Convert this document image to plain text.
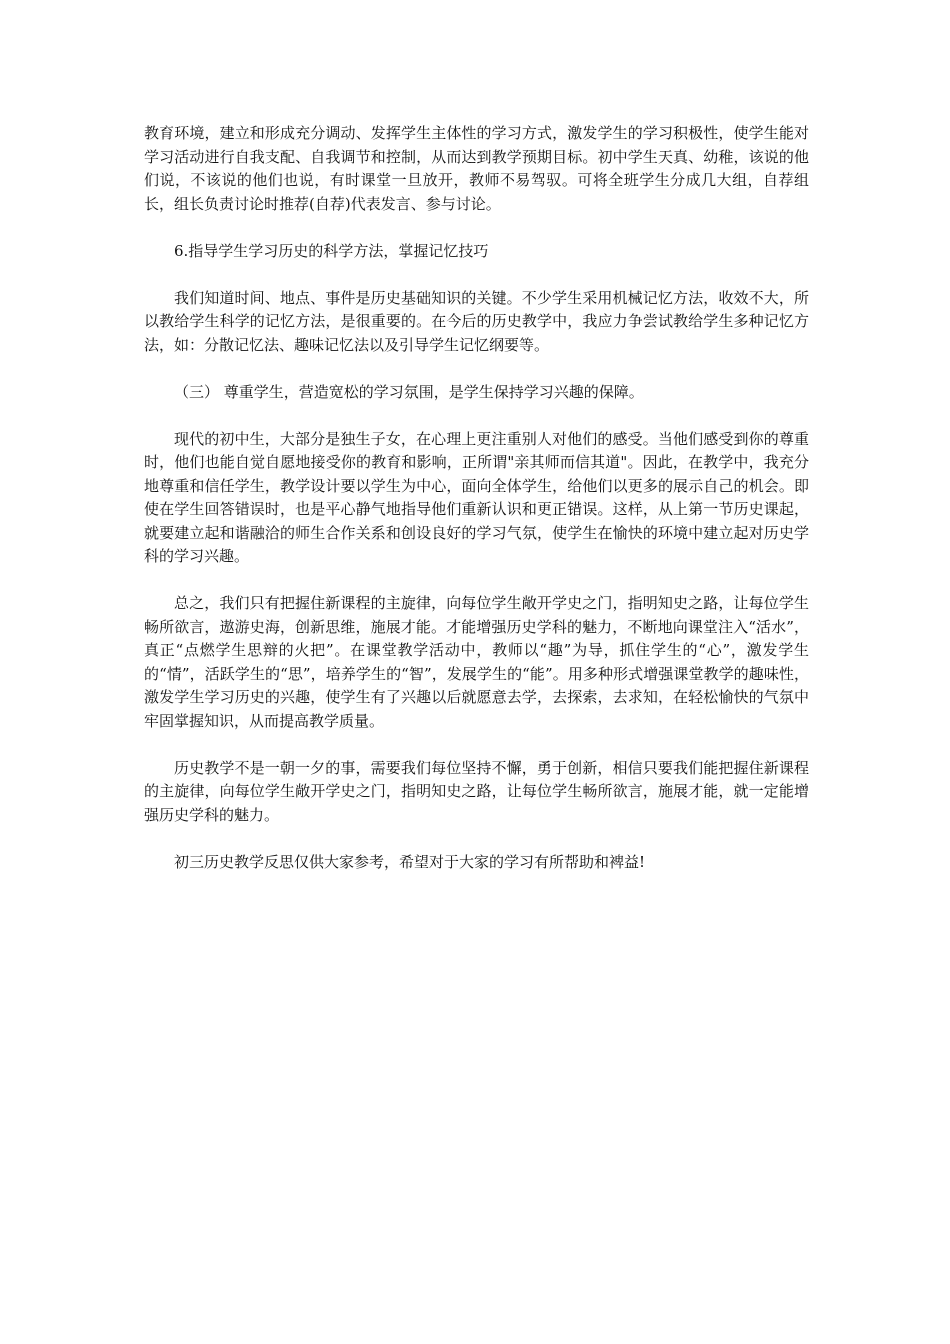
教育环境，建立和形成充分调动、发挥学生主体性的学习方式，激发学生的学习积极性，使学生能对学习活动进行自我支配、自我调节和控制，从而达到教学预期目标。初中学生天真、幼稚，该说的他们说，不该说的他们也说，有时课堂一旦放开，教师不易驾驭。可将全班学生分成几大组，自荐组长，组长负责讨论时推荐(自荐)代表发言、参与讨论。

6.指导学生学习历史的科学方法，掌握记忆技巧

我们知道时间、地点、事件是历史基础知识的关键。不少学生采用机械记忆方法，收效不大，所以教给学生科学的记忆方法，是很重要的。在今后的历史教学中，我应力争尝试教给学生多种记忆方法，如：分散记忆法、趣味记忆法以及引导学生记忆纲要等。

（三） 尊重学生，营造宽松的学习氛围，是学生保持学习兴趣的保障。

现代的初中生，大部分是独生子女，在心理上更注重别人对他们的感受。当他们感受到你的尊重时，他们也能自觉自愿地接受你的教育和影响，正所谓"亲其师而信其道"。因此，在教学中，我充分地尊重和信任学生，教学设计要以学生为中心，面向全体学生，给他们以更多的展示自己的机会。即使在学生回答错误时，也是平心静气地指导他们重新认识和更正错误。这样，从上第一节历史课起，就要建立起和谐融洽的师生合作关系和创设良好的学习气氛，使学生在愉快的环境中建立起对历史学科的学习兴趣。

总之，我们只有把握住新课程的主旋律，向每位学生敞开学史之门，指明知史之路，让每位学生畅所欲言，遨游史海，创新思维，施展才能。才能增强历史学科的魅力，不断地向课堂注入“活水”，真正“点燃学生思辩的火把”。在课堂教学活动中，教师以“趣”为导，抓住学生的“心”，激发学生的“情”，活跃学生的“思”，培养学生的“智”，发展学生的“能”。用多种形式增强课堂教学的趣味性，激发学生学习历史的兴趣，使学生有了兴趣以后就愿意去学，去探索，去求知，在轻松愉快的气氛中牢固掌握知识，从而提高教学质量。

历史教学不是一朝一夕的事，需要我们每位坚持不懈，勇于创新，相信只要我们能把握住新课程的主旋律，向每位学生敞开学史之门，指明知史之路，让每位学生畅所欲言，施展才能，就一定能增强历史学科的魅力。

初三历史教学反思仅供大家参考，希望对于大家的学习有所帮助和裨益!
